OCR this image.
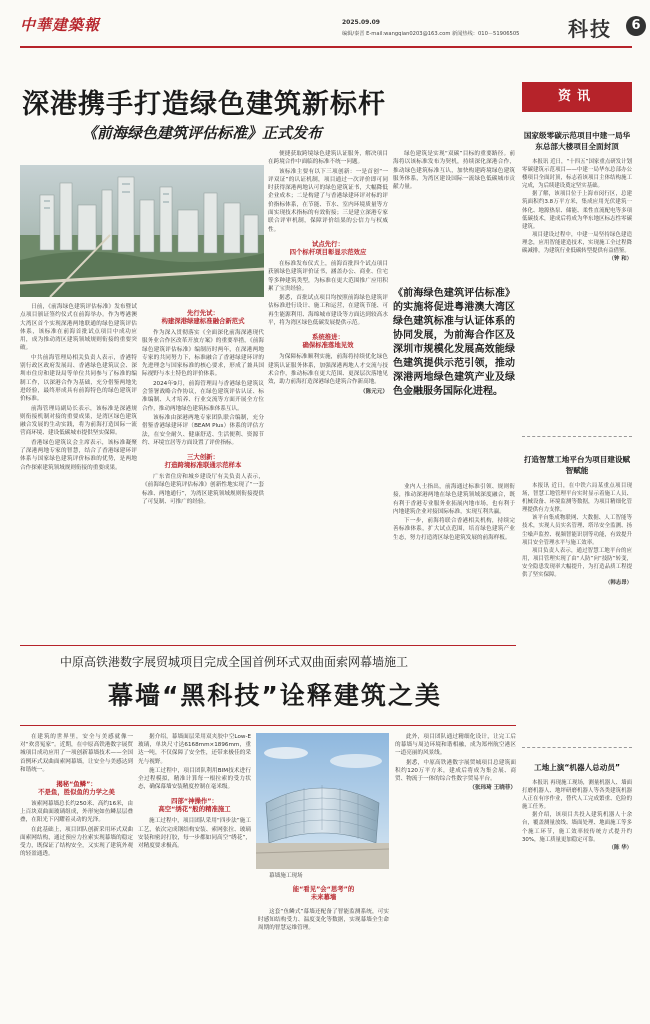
中華建築報	2025.09.09
编辑/秦晋 E-mail:wangqian0203@163.com 新闻热线：010－51906505 科技	6
深港携手打造绿色建筑新标杆
《前海绿色建筑评估标准》正式发布

日前，《前海绿色建筑评估标准》发布暨试点项目颁证签约仪式在前海举办。作为粤港澳大湾区首个实现深港两地联通的绿色建筑评估体系，该标准在前海首批试点项目中成功应用，成为推动湾区建筑领域规则衔接的重要突破。

中共前海管理局相关负责人表示，香港特别行政区政府发展局、香港绿色建筑议会、深圳市住房和建设局等单位共同参与了标准的编制工作，以深港合作为基础，充分借鉴两地先进经验，最终形成具有前海特色的绿色建筑评价标准。

前海管理局副局长表示，该标准是深港规则衔接机制对接的重要成果，是湾区绿色建筑融合发展的生动实践，将为前海打造国际一流营商环境、建设低碳城市提供坚实保障。

香港绿色建筑议会主席表示，该标准凝聚了深港两地专家的智慧，结合了香港绿建环评体系与国家绿色建筑评价标准的优势，是两地合作探索建筑领域规则衔接的重要成果。

先行先试：
构建深港绿建标准融合新范式

作为深入贯彻落实《全面深化前海深港现代服务业合作区改革开放方案》的重要举措，《前海绿色建筑评估标准》编制历时两年，在深港两地专家的共同努力下，标准融合了香港绿建环评的先进理念与国家标准的核心要求，形成了兼具国际视野与本土特色的评价体系。

2024年9月，前海管理局与香港绿色建筑议会签署战略合作协议，在绿色建筑评估认证、标准编制、人才培养、行业交流等方面开展全方位合作，推动两地绿色建筑标准体系互认。

该标准由深港两地专家团队联合编制，充分借鉴香港绿建环评（BEAM Plus）体系的评估方法，在安全耐久、健康舒适、生活便利、资源节约、环境宜居等方面设置了评价指标。

三大创新：
打造跨境标准联通示范样本

广东省住房和城乡建设厅有关负责人表示，《前海绿色建筑评估标准》创新性地实现了“一套标准、两地通行”，为湾区建筑领域规则衔接提供了可复制、可推广的经验。

便捷获取跨境绿色建筑认证服务，解决项目在跨境合作中面临的标准不统一问题。

该标准主要有以下三项创新：一是首创“一评双证”的认证机制，项目通过一次评价即可同时获得深港两地认可的绿色建筑证书，大幅降低企业成本；二是构建了与香港绿建环评对标的评价指标体系，在节能、节水、室内环境质量等方面实现技术指标的有效衔接；三是建立深港专家联合评审机制，保障评价结果的公信力与权威性。

试点先行：
四个标杆项目彰显示范效应

在标准发布仪式上，前海首批四个试点项目获颁绿色建筑评价证书，涵盖办公、商业、住宅等多种建筑类型，为标准在更大范围推广应用积累了宝贵经验。

据悉，首批试点项目均按照前海绿色建筑评估标准进行设计、施工和运营，在建筑节能、可再生能源利用、海绵城市建设等方面达到较高水平，将为湾区绿色低碳发展提供示范。

系统推进：
确保标准落地见效

为保障标准顺利实施，前海将持续优化绿色建筑认证服务体系，加强深港两地人才交流与技术合作，推动标准在更大范围、更深层次落地见效，助力前海打造深港绿色建筑合作新高地。

（陈元元）

绿色建筑是实现“双碳”目标的重要路径。前海将以该标准发布为契机，持续深化深港合作，推动绿色建筑标准互认，加快构建跨境绿色建筑服务体系，为湾区建设国际一流绿色低碳城市贡献力量。

《前海绿色建筑评估标准》的实施将促进粤港澳大湾区绿色建筑标准与认证体系的协同发展，为前海合作区及深圳市规模化发展高效能绿色建筑提供示范引领，推动深港两地绿色建筑产业及绿色金融服务国际化进程。

业内人士指出，前海通过标准引领、规则衔接，推动深港两地在绿色建筑领域深度融合，既有利于香港专业服务业拓展内地市场，也有利于内地建筑企业对接国际标准，实现互利共赢。

下一步，前海将联合香港相关机构，持续完善标准体系，扩大试点范围，培育绿色建筑产业生态，努力打造湾区绿色建筑发展的前海样板。

资讯
国家级零碳示范项目中建一局华东总部大楼项目全面封顶

本报讯 近日，“十四五”国家重点研发计划零碳建筑示范项目——中建一局华东总部办公楼项目全面封顶，标志着该项目主体结构施工完成，为后续建设奠定坚实基础。

据了解，该项目位于上海市闵行区，总建筑面积约3.8万平方米，集成应用光伏建筑一体化、地源热泵、储能、柔性直流配电等多项低碳技术，建成后将成为华东地区标志性零碳建筑。

项目建设过程中，中建一局坚持绿色建造理念，应用智能建造技术，实现施工全过程降碳减排，为建筑行业低碳转型提供有益借鉴。

（钟 和）

打造智慧工地平台为项目建设赋智赋能

本报讯 近日，在中铁六局某重点项目现场，智慧工地管理平台实时显示着施工人员、机械设备、环境监测等数据，为项目精细化管理提供有力支撑。

该平台集成物联网、大数据、人工智能等技术，实现人员实名管理、塔吊安全监测、扬尘噪声监控、视频智能识别等功能，有效提升项目安全管理水平与施工效率。

项目负责人表示，通过智慧工地平台的应用，项目管理实现了由“人防”向“技防”转变，安全隐患发现率大幅提升，为打造品质工程提供了坚实保障。

（韩志昂）

工地上演“机器人总动员”

本报讯 再现施工现场，测量机器人、墙面打磨机器人、地坪研磨机器人等各类建筑机器人正在有序作业，替代人工完成繁重、危险的施工任务。

据介绍，该项目共投入建筑机器人十余台，覆盖测量放线、墙面处理、地面施工等多个施工环节，施工效率较传统方式提升约30%，施工质量更加稳定可靠。

（陈 华）

中原高铁港数字展贸城项目完成全国首例环式双曲面索网幕墙施工
幕墙“黑科技”诠释建筑之美

在建筑的世界里，安全与美感就像一对“欢喜冤家”。近期，在中原高铁港数字展贸城项目成功应用了一项创新幕墙技术——全国首例环式双曲面索网幕墙，让安全与美感达到和谐统一。

揭秘“鱼鳞”：
不是鱼，胜似鱼的力学之美

该索网幕墙总长约250米、高约16米，由上百块双曲面玻璃组成，外形宛如鱼鳞层层叠叠，在阳光下闪耀着灵动的光泽。

在此基础上，项目团队创新采用环式双曲面索网结构，通过预应力拉索实现幕墙的稳定受力，既保证了结构安全，又实现了建筑外观的轻盈通透。

据介绍，幕墙面层采用双夹胶中空Low-E玻璃，单块尺寸达6168mm×1896mm，重达一吨，不仅保障了安全性，还带来极佳的采光与视野。

施工过程中，项目团队利用BIM技术进行全过程模拟，精准计算每一根拉索的受力状态，确保幕墙安装精度控制在毫米级。

四部“神操作”：
高空“绣花”般的精准施工

施工过程中，项目团队采用“四步法”施工工艺，依次完成钢结构安装、索网张拉、玻璃安装和密封打胶，每一步都如同高空“绣花”，对精度要求极高。

幕墙施工现场
能“看见”会“思考”的
未来幕墙

这套“鱼鳞式”幕墙还配备了智能监测系统，可实时感知结构受力、温度变化等数据，实现幕墙全生命周期的智慧运维管理。

此外，项目团队通过精细化设计，让完工后的幕墙与周边环境和谐相融，成为郑州航空港区一道亮丽的风景线。

据悉，中原高铁港数字展贸城项目总建筑面积约120万平方米，建成后将成为集会展、商贸、物流于一体的综合性数字贸易平台。

（张玮琦 王晓菲）
